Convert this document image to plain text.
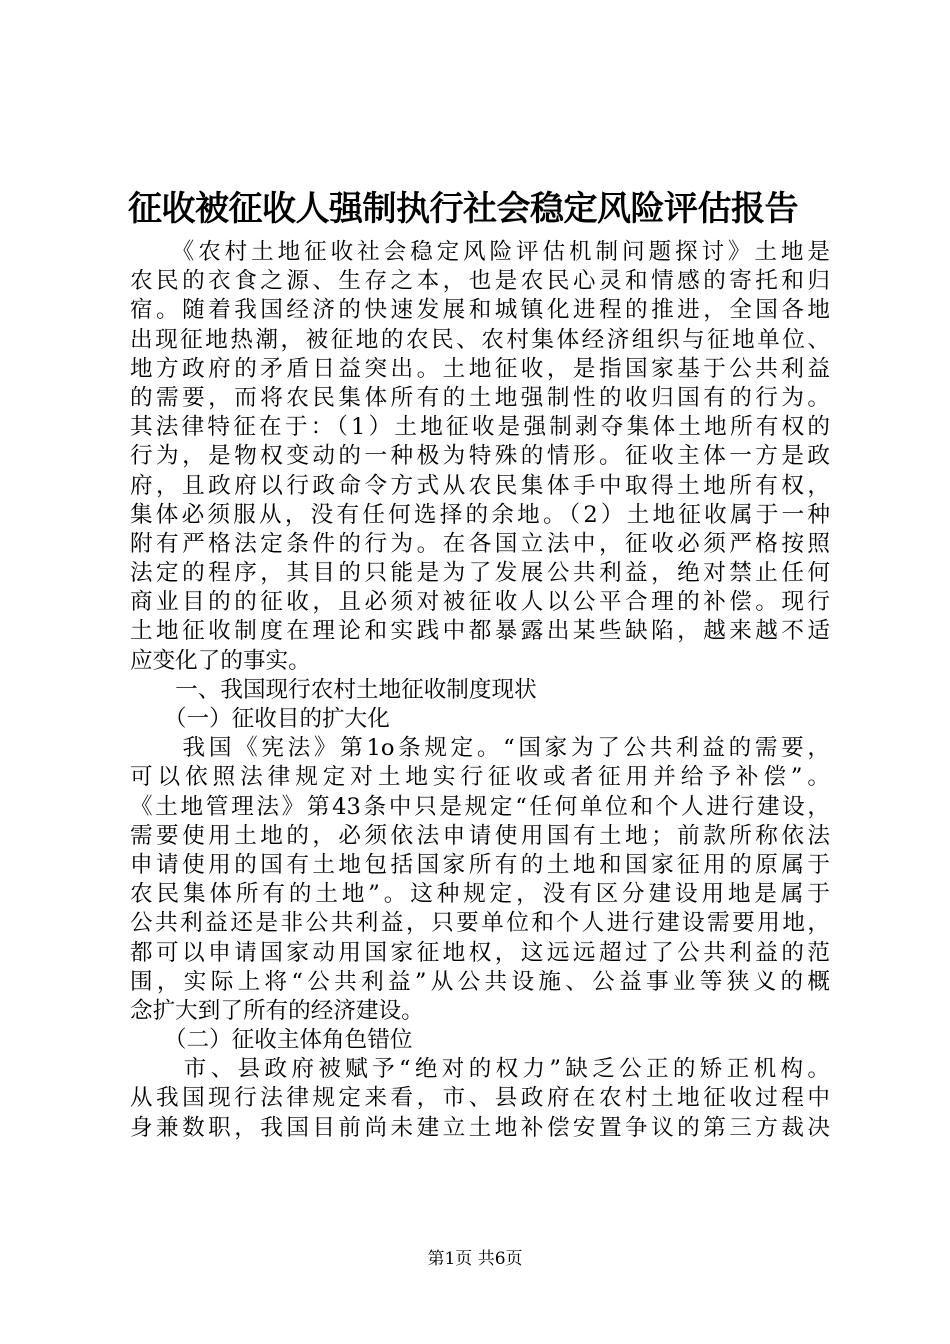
征收被征收人强制执行社会稳定风险评估报告
　　《农村土地征收社会稳定风险评估机制问题探讨》土地是
农民的衣食之源、生存之本，也是农民心灵和情感的寄托和归
宿。随着我国经济的快速发展和城镇化进程的推进，全国各地
出现征地热潮，被征地的农民、农村集体经济组织与征地单位、
地方政府的矛盾日益突出。土地征收，是指国家基于公共利益
的需要，而将农民集体所有的土地强制性的收归国有的行为。
其法律特征在于：（1）土地征收是强制剥夺集体土地所有权的
行为，是物权变动的一种极为特殊的情形。征收主体一方是政
府，且政府以行政命令方式从农民集体手中取得土地所有权，
集体必须服从，没有任何选择的余地。（2）土地征收属于一种
附有严格法定条件的行为。在各国立法中，征收必须严格按照
法定的程序，其目的只能是为了发展公共利益，绝对禁止任何
商业目的的征收，且必须对被征收人以公平合理的补偿。现行
土地征收制度在理论和实践中都暴露出某些缺陷，越来越不适
应变化了的事实。
　　一、我国现行农村土地征收制度现状
　　（一）征收目的扩大化
　　我国《宪法》第1o条规定。“国家为了公共利益的需要，
可以依照法律规定对土地实行征收或者征用并给予补偿”。
《土地管理法》第43条中只是规定“任何单位和个人进行建设，
需要使用土地的，必须依法申请使用国有土地；前款所称依法
申请使用的国有土地包括国家所有的土地和国家征用的原属于
农民集体所有的土地”。这种规定，没有区分建设用地是属于
公共利益还是非公共利益，只要单位和个人进行建设需要用地，
都可以申请国家动用国家征地权，这远远超过了公共利益的范
围，实际上将“公共利益”从公共设施、公益事业等狭义的概
念扩大到了所有的经济建设。
　　（二）征收主体角色错位
　　市、县政府被赋予“绝对的权力”缺乏公正的矫正机构。
从我国现行法律规定来看，市、县政府在农村土地征收过程中
身兼数职，我国目前尚未建立土地补偿安置争议的第三方裁决
第1页 共6页
